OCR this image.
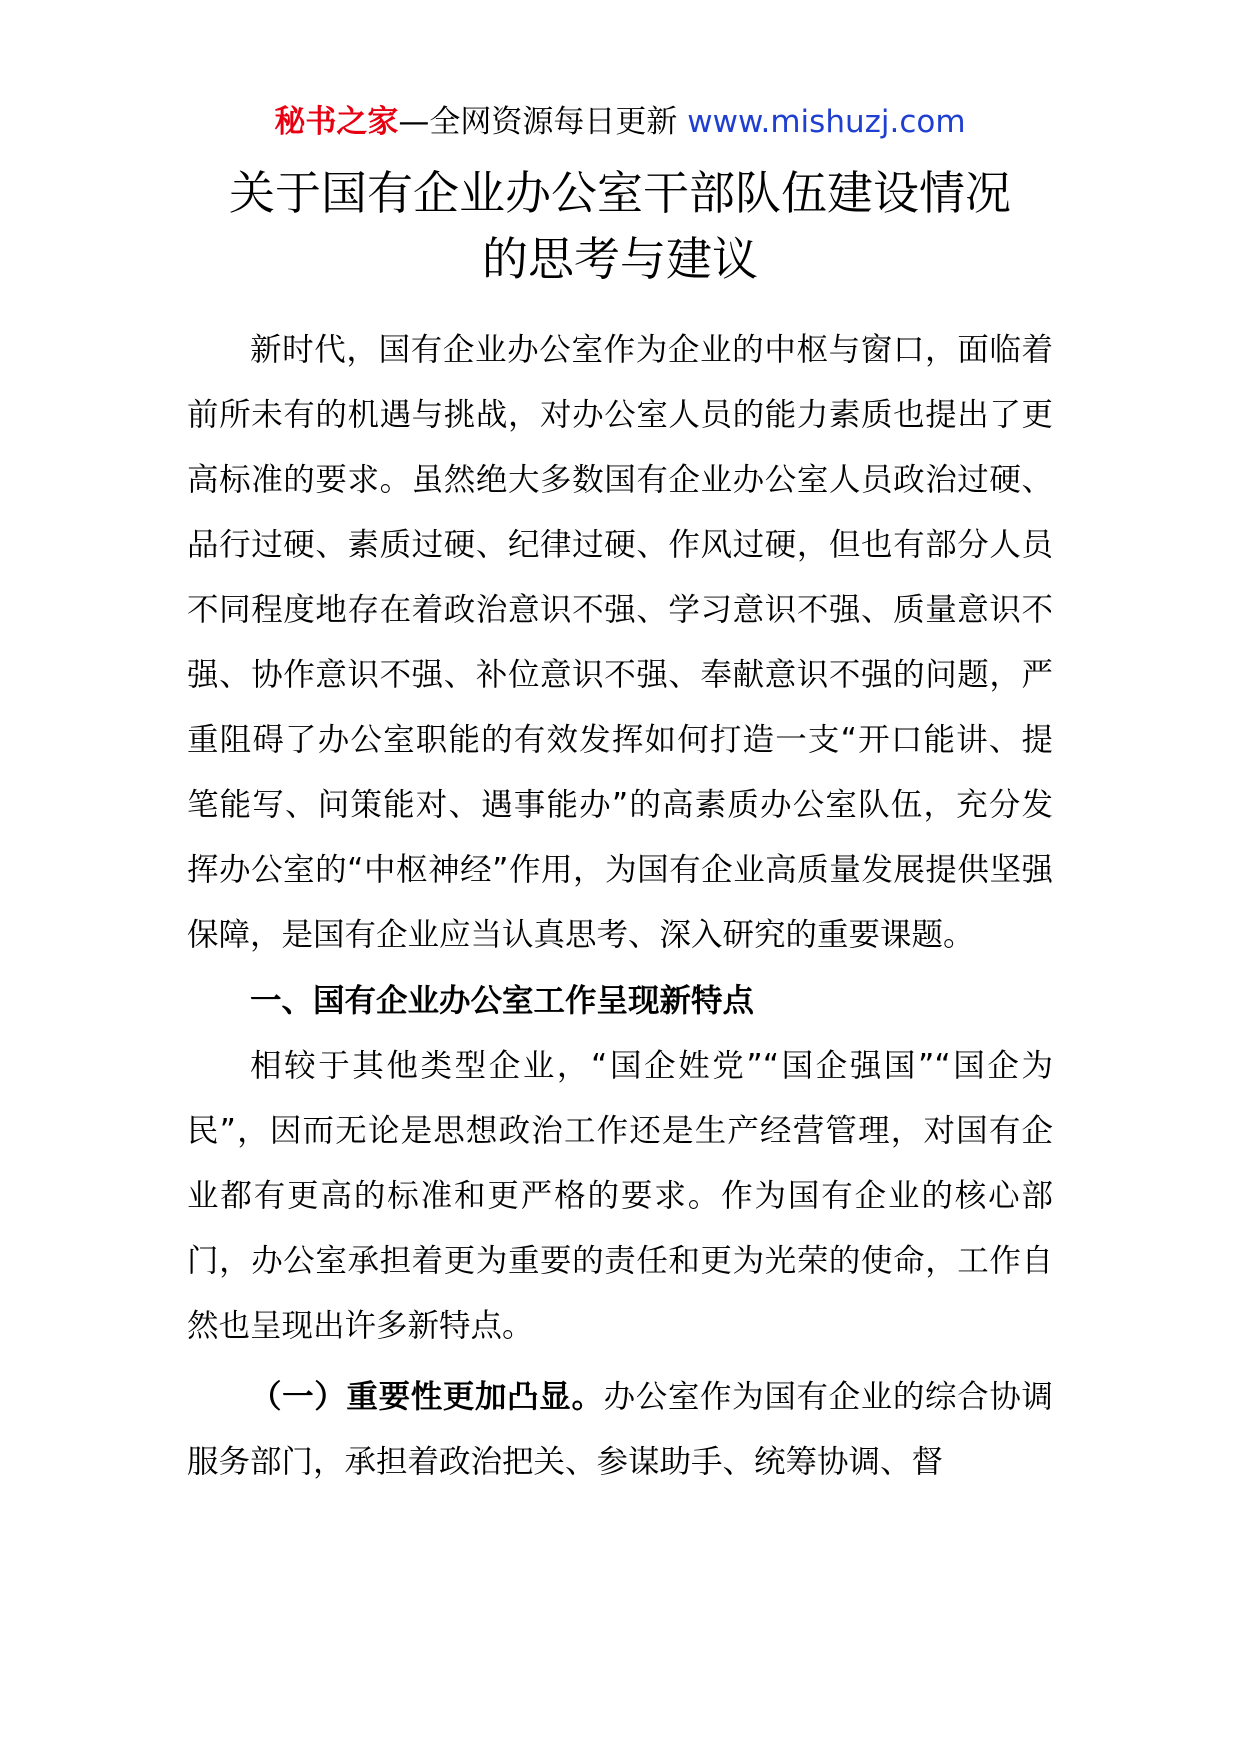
秘书之家—全网资源每日更新 www.mishuzj.com
关于国有企业办公室干部队伍建设情况
的思考与建议

新时代，国有企业办公室作为企业的中枢与窗口，面临着前所未有的机遇与挑战，对办公室人员的能力素质也提出了更高标准的要求。虽然绝大多数国有企业办公室人员政治过硬、品行过硬、素质过硬、纪律过硬、作风过硬，但也有部分人员不同程度地存在着政治意识不强、学习意识不强、质量意识不强、协作意识不强、补位意识不强、奉献意识不强的问题，严重阻碍了办公室职能的有效发挥如何打造一支“开口能讲、提笔能写、问策能对、遇事能办”的高素质办公室队伍，充分发挥办公室的“中枢神经”作用，为国有企业高质量发展提供坚强保障，是国有企业应当认真思考、深入研究的重要课题。

一、国有企业办公室工作呈现新特点

相较于其他类型企业，“国企姓党”“国企强国”“国企为民”，因而无论是思想政治工作还是生产经营管理，对国有企业都有更高的标准和更严格的要求。作为国有企业的核心部门，办公室承担着更为重要的责任和更为光荣的使命，工作自然也呈现出许多新特点。

（一）重要性更加凸显。办公室作为国有企业的综合协调服务部门，承担着政治把关、参谋助手、统筹协调、督
